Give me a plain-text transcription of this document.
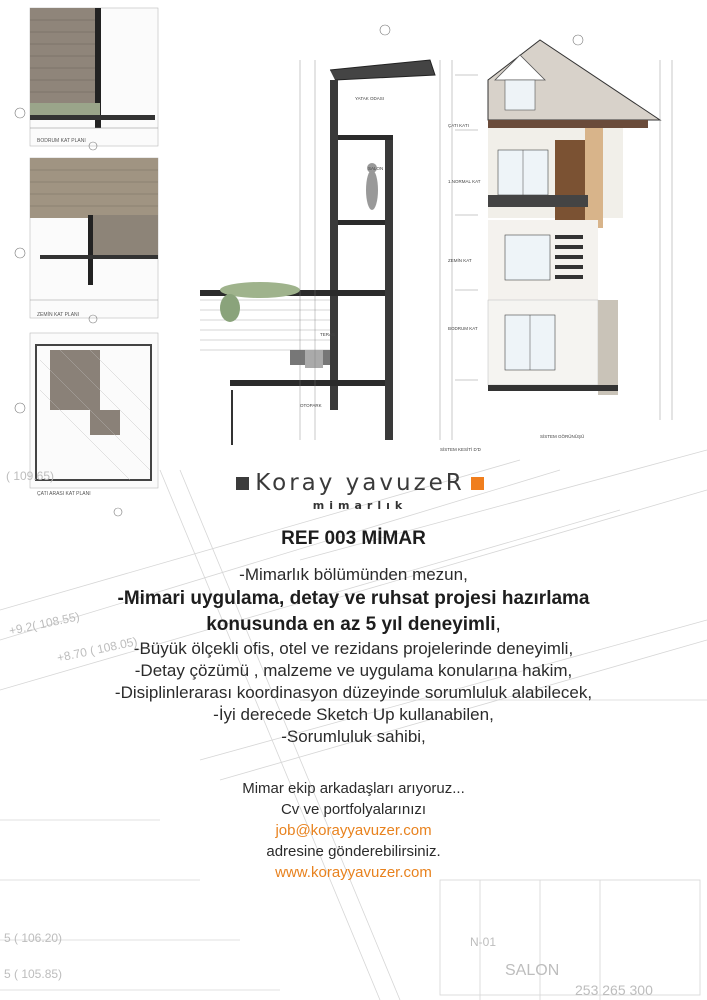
BODRUM KAT PLANI
ZEMİN KAT PLANI
ÇATI ARASI KAT PLANI
SALON
YATAK ODASI
TERAS
OTOPARK
SİSTEM KESİTİ D'D
ÇATI KATI
1.NORMAL KAT
ZEMİN KAT
BODRUM KAT
SİSTEM GÖRÜNÜŞÜ
( 109.65)
+8.70 ( 108.05)
+9.2( 108.55)
5 ( 106.20)
5 ( 105.85)
N-01
SALON
253 265 300
Koray yavuzeR
mimarlık

REF 003 MİMAR

-Mimarlık bölümünden mezun,

-Mimari uygulama, detay ve ruhsat projesi hazırlama

konusunda en az 5 yıl deneyimli,

-Büyük ölçekli ofis, otel ve rezidans projelerinde deneyimli,

-Detay çözümü , malzeme ve uygulama konularına hakim,

-Disiplinlerarası koordinasyon düzeyinde sorumluluk alabilecek,

-İyi derecede Sketch Up kullanabilen,

-Sorumluluk sahibi,

Mimar ekip arkadaşları arıyoruz...

Cv ve portfolyalarınızı

job@korayyavuzer.com

adresine gönderebilirsiniz.

www.korayyavuzer.com
